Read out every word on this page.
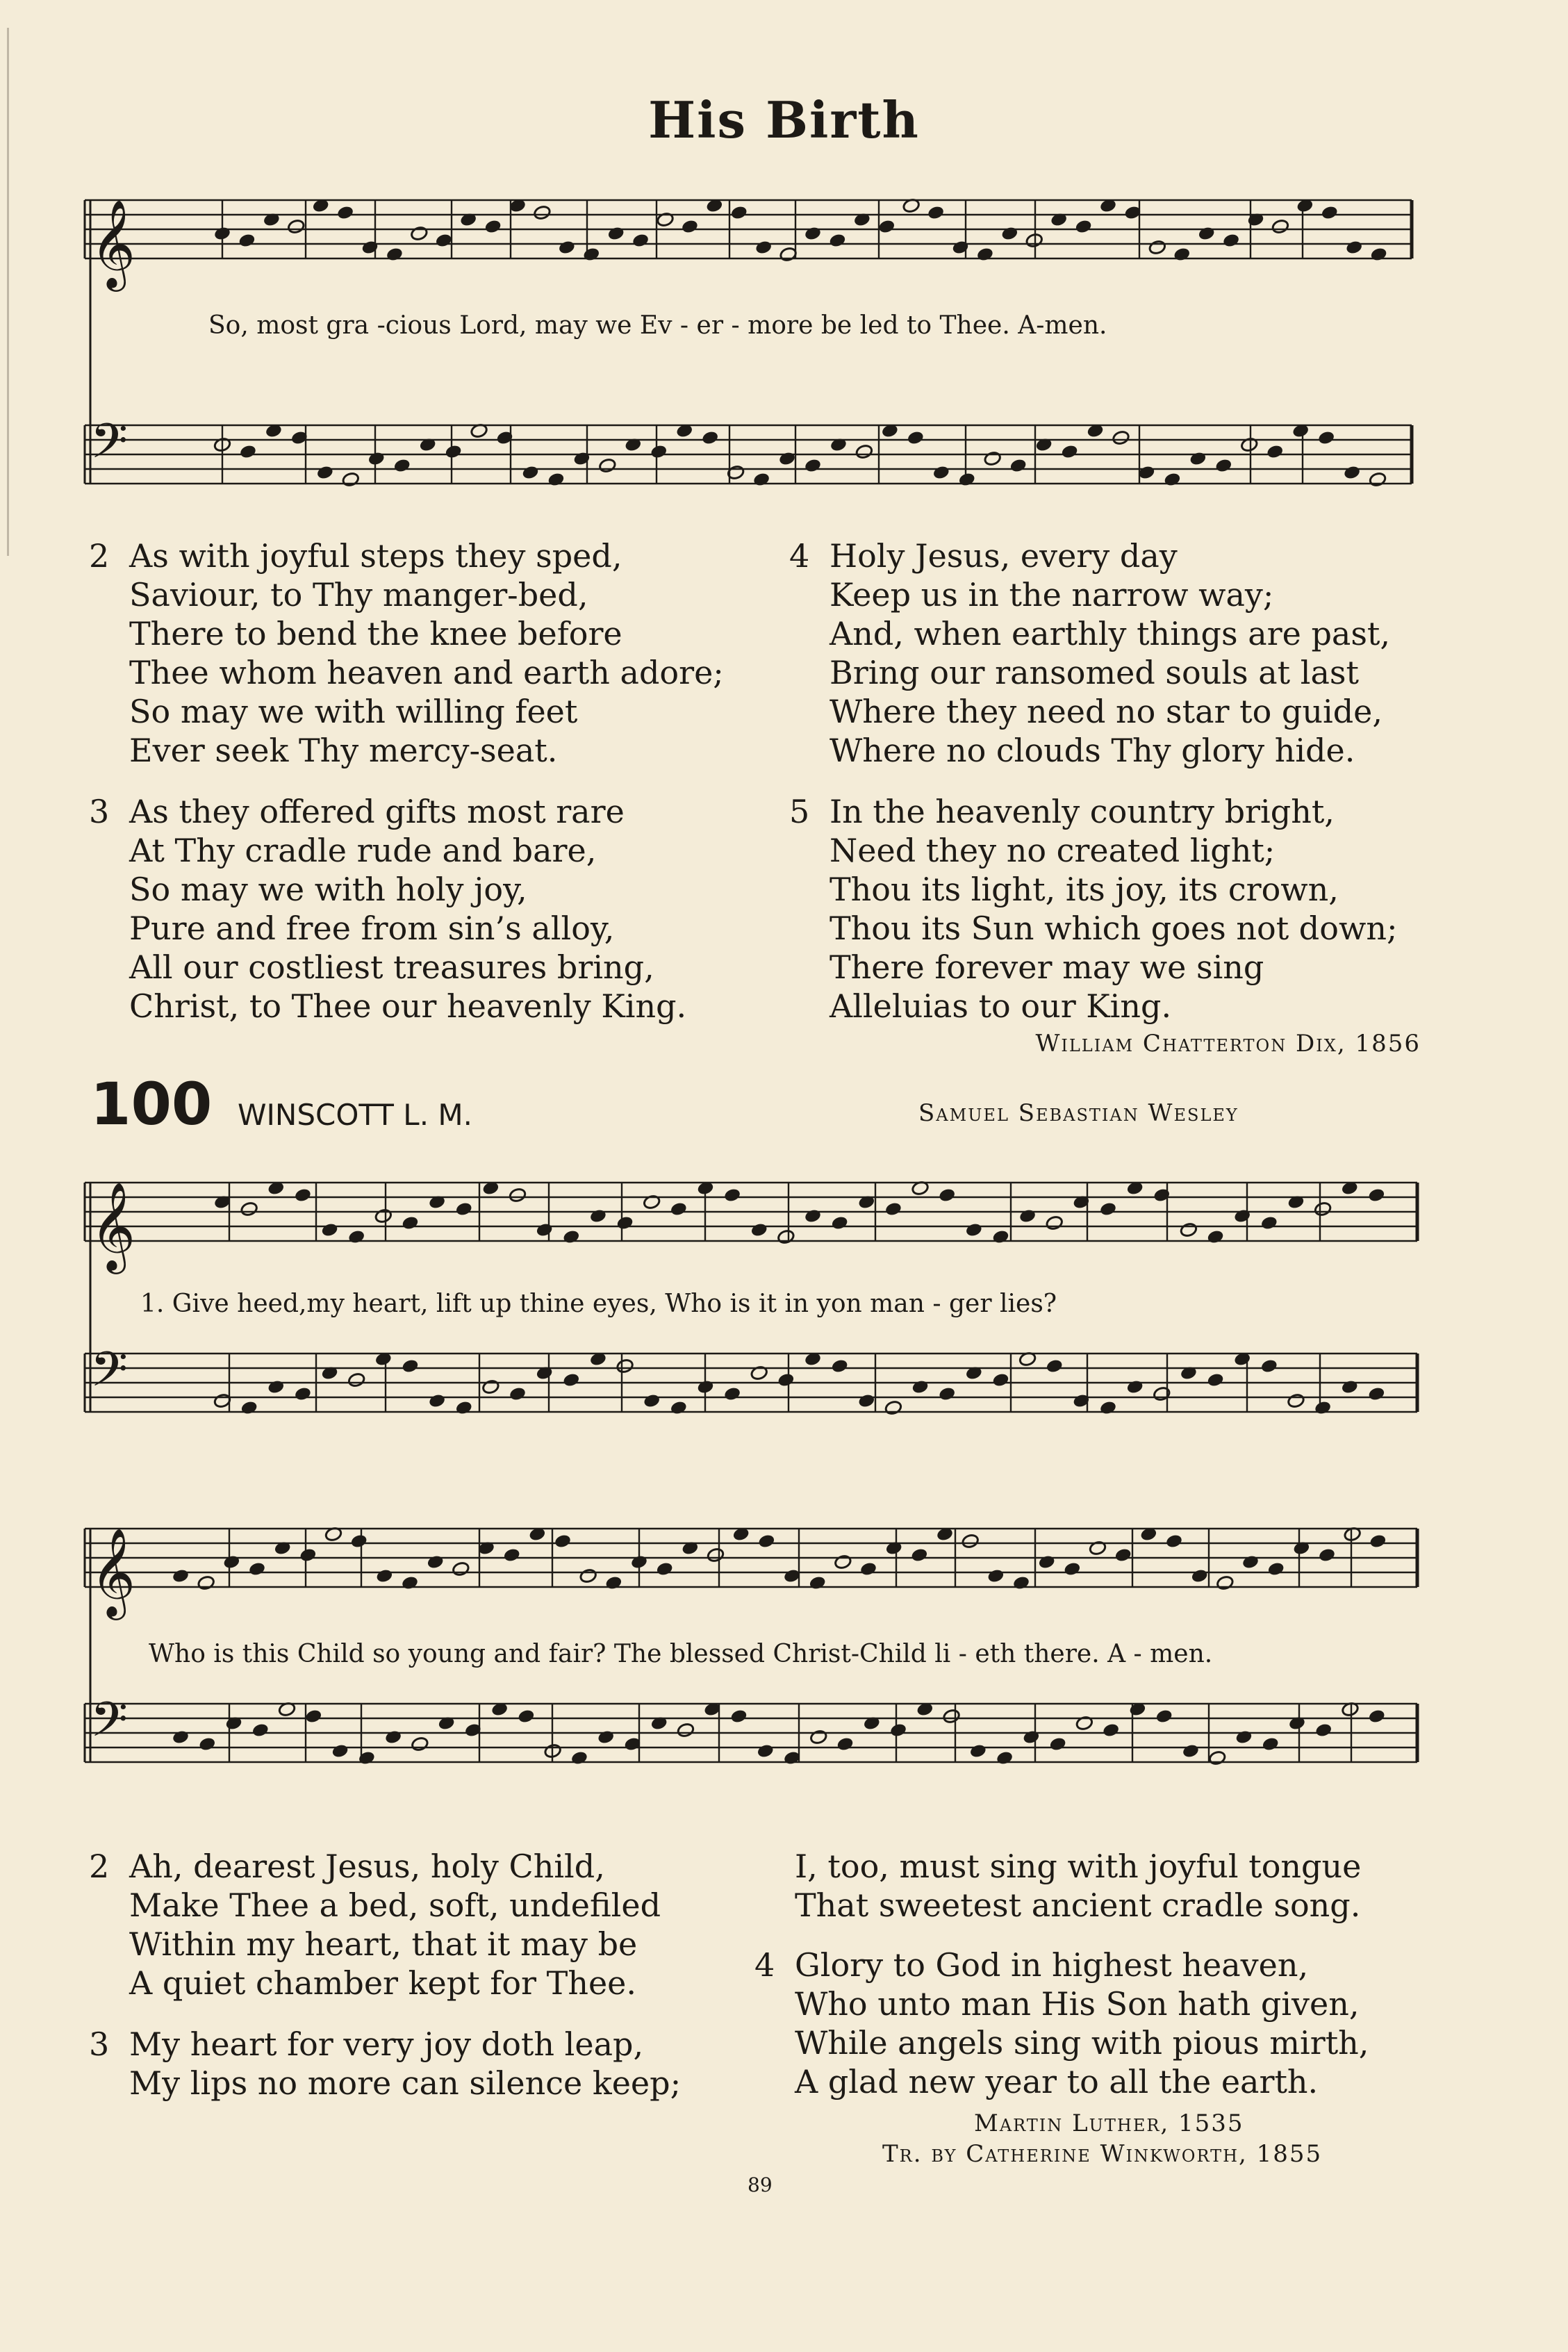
His Birth
𝄞
𝄢
𝄞
𝄢
𝄞
𝄢
So, most gra -cious Lord, may we Ev - er - more be led to Thee. A-men.
2 As with joyful steps they sped,
Saviour, to Thy manger-bed,
There to bend the knee before
Thee whom heaven and earth adore;
So may we with willing feet
Ever seek Thy mercy-seat.
3 As they offered gifts most rare
At Thy cradle rude and bare,
So may we with holy joy,
Pure and free from sin’s alloy,
All our costliest treasures bring,
Christ, to Thee our heavenly King.
4 Holy Jesus, every day
Keep us in the narrow way;
And, when earthly things are past,
Bring our ransomed souls at last
Where they need no star to guide,
Where no clouds Thy glory hide.
5 In the heavenly country bright,
Need they no created light;
Thou its light, its joy, its crown,
Thou its Sun which goes not down;
There forever may we sing
Alleluias to our King.
William Chatterton Dix, 1856
100 WINSCOTT L. M.	Samuel Sebastian Wesley
1. Give heed,my heart, lift up thine eyes, Who is it in yon man - ger lies?
Who is this Child so young and fair? The blessed Christ-Child li - eth there. A - men.
2 Ah, dearest Jesus, holy Child,
Make Thee a bed, soft, undefiled
Within my heart, that it may be
A quiet chamber kept for Thee.
3 My heart for very joy doth leap,
My lips no more can silence keep;
I, too, must sing with joyful tongue
That sweetest ancient cradle song.
4 Glory to God in highest heaven,
Who unto man His Son hath given,
While angels sing with pious mirth,
A glad new year to all the earth.
Martin Luther, 1535
Tr. by Catherine Winkworth, 1855
89
